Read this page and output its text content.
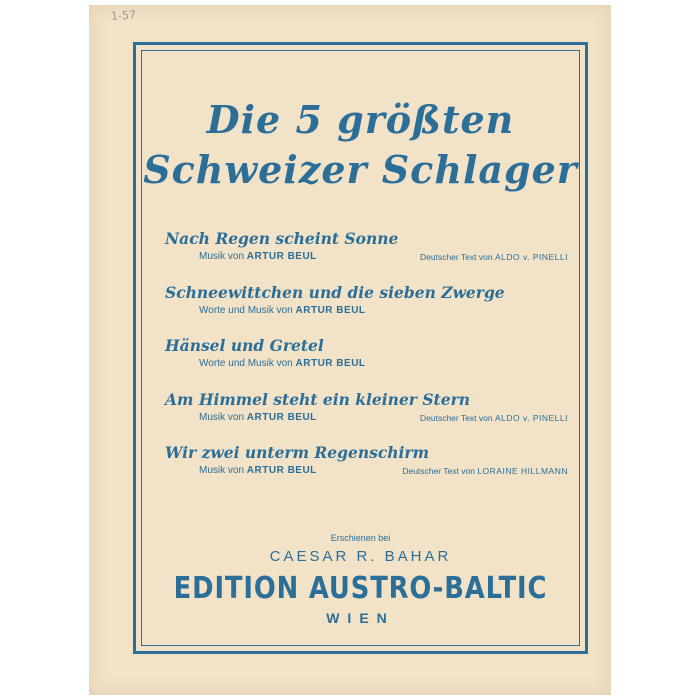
1-57
Die 5 größten
Schweizer Schlager
Nach Regen scheint Sonne
Musik von ARTUR BEUL	Deutscher Text von ALDO v. PINELLI
Schneewittchen und die sieben Zwerge
Worte und Musik von ARTUR BEUL
Hänsel und Gretel
Worte und Musik von ARTUR BEUL
Am Himmel steht ein kleiner Stern
Musik von ARTUR BEUL	Deutscher Text von ALDO v. PINELLI
Wir zwei unterm Regenschirm
Musik von ARTUR BEUL	Deutscher Text von LORAINE HILLMANN
Erschienen bei
CAESAR R. BAHAR
EDITION AUSTRO-BALTIC
WIEN
